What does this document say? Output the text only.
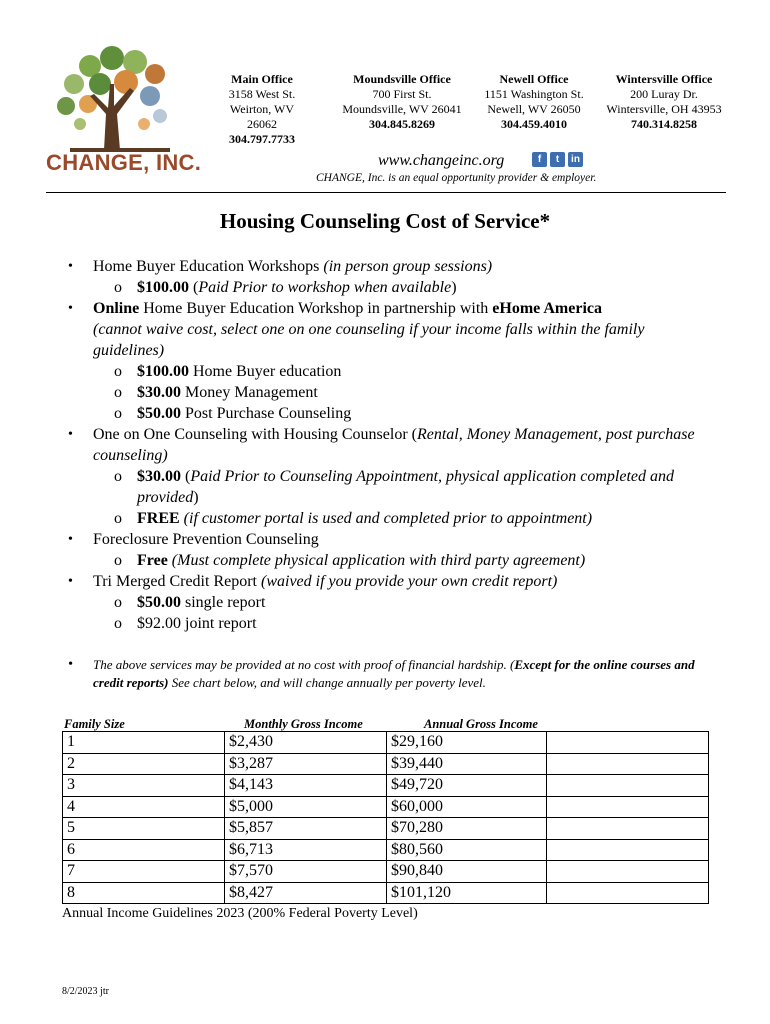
CHANGE, INC.
Main Office
3158 West St.
Weirton, WV 26062
304.797.7733
Moundsville Office
700 First St.
Moundsville, WV 26041
304.845.8269
Newell Office
1151 Washington St.
Newell, WV 26050
304.459.4010
Wintersville Office
200 Luray Dr.
Wintersville, OH 43953
740.314.8258
www.changeinc.org	f	t	in
CHANGE, Inc. is an equal opportunity provider & employer.
Housing Counseling Cost of Service*
• Home Buyer Education Workshops (in person group sessions)
o $100.00 (Paid Prior to workshop when available)
• Online Home Buyer Education Workshop in partnership with eHome America
(cannot waive cost, select one on one counseling if your income falls within the family guidelines)
o $100.00 Home Buyer education
o $30.00 Money Management
o $50.00 Post Purchase Counseling
• One on One Counseling with Housing Counselor (Rental, Money Management, post purchase counseling)
o $30.00 (Paid Prior to Counseling Appointment, physical application completed and provided)
o FREE (if customer portal is used and completed prior to appointment)
• Foreclosure Prevention Counseling
o Free (Must complete physical application with third party agreement)
• Tri Merged Credit Report (waived if you provide your own credit report)
o $50.00 single report
o $92.00 joint report
• The above services may be provided at no cost with proof of financial hardship. (Except for the online courses and credit reports) See chart below, and will change annually per poverty level.
Family Size	Monthly Gross Income	Annual Gross Income
1	$2,430	$29,160	
2	$3,287	$39,440	
3	$4,143	$49,720	
4	$5,000	$60,000	
5	$5,857	$70,280	
6	$6,713	$80,560	
7	$7,570	$90,840	
8	$8,427	$101,120	
Annual Income Guidelines 2023 (200% Federal Poverty Level)
8/2/2023 jtr
